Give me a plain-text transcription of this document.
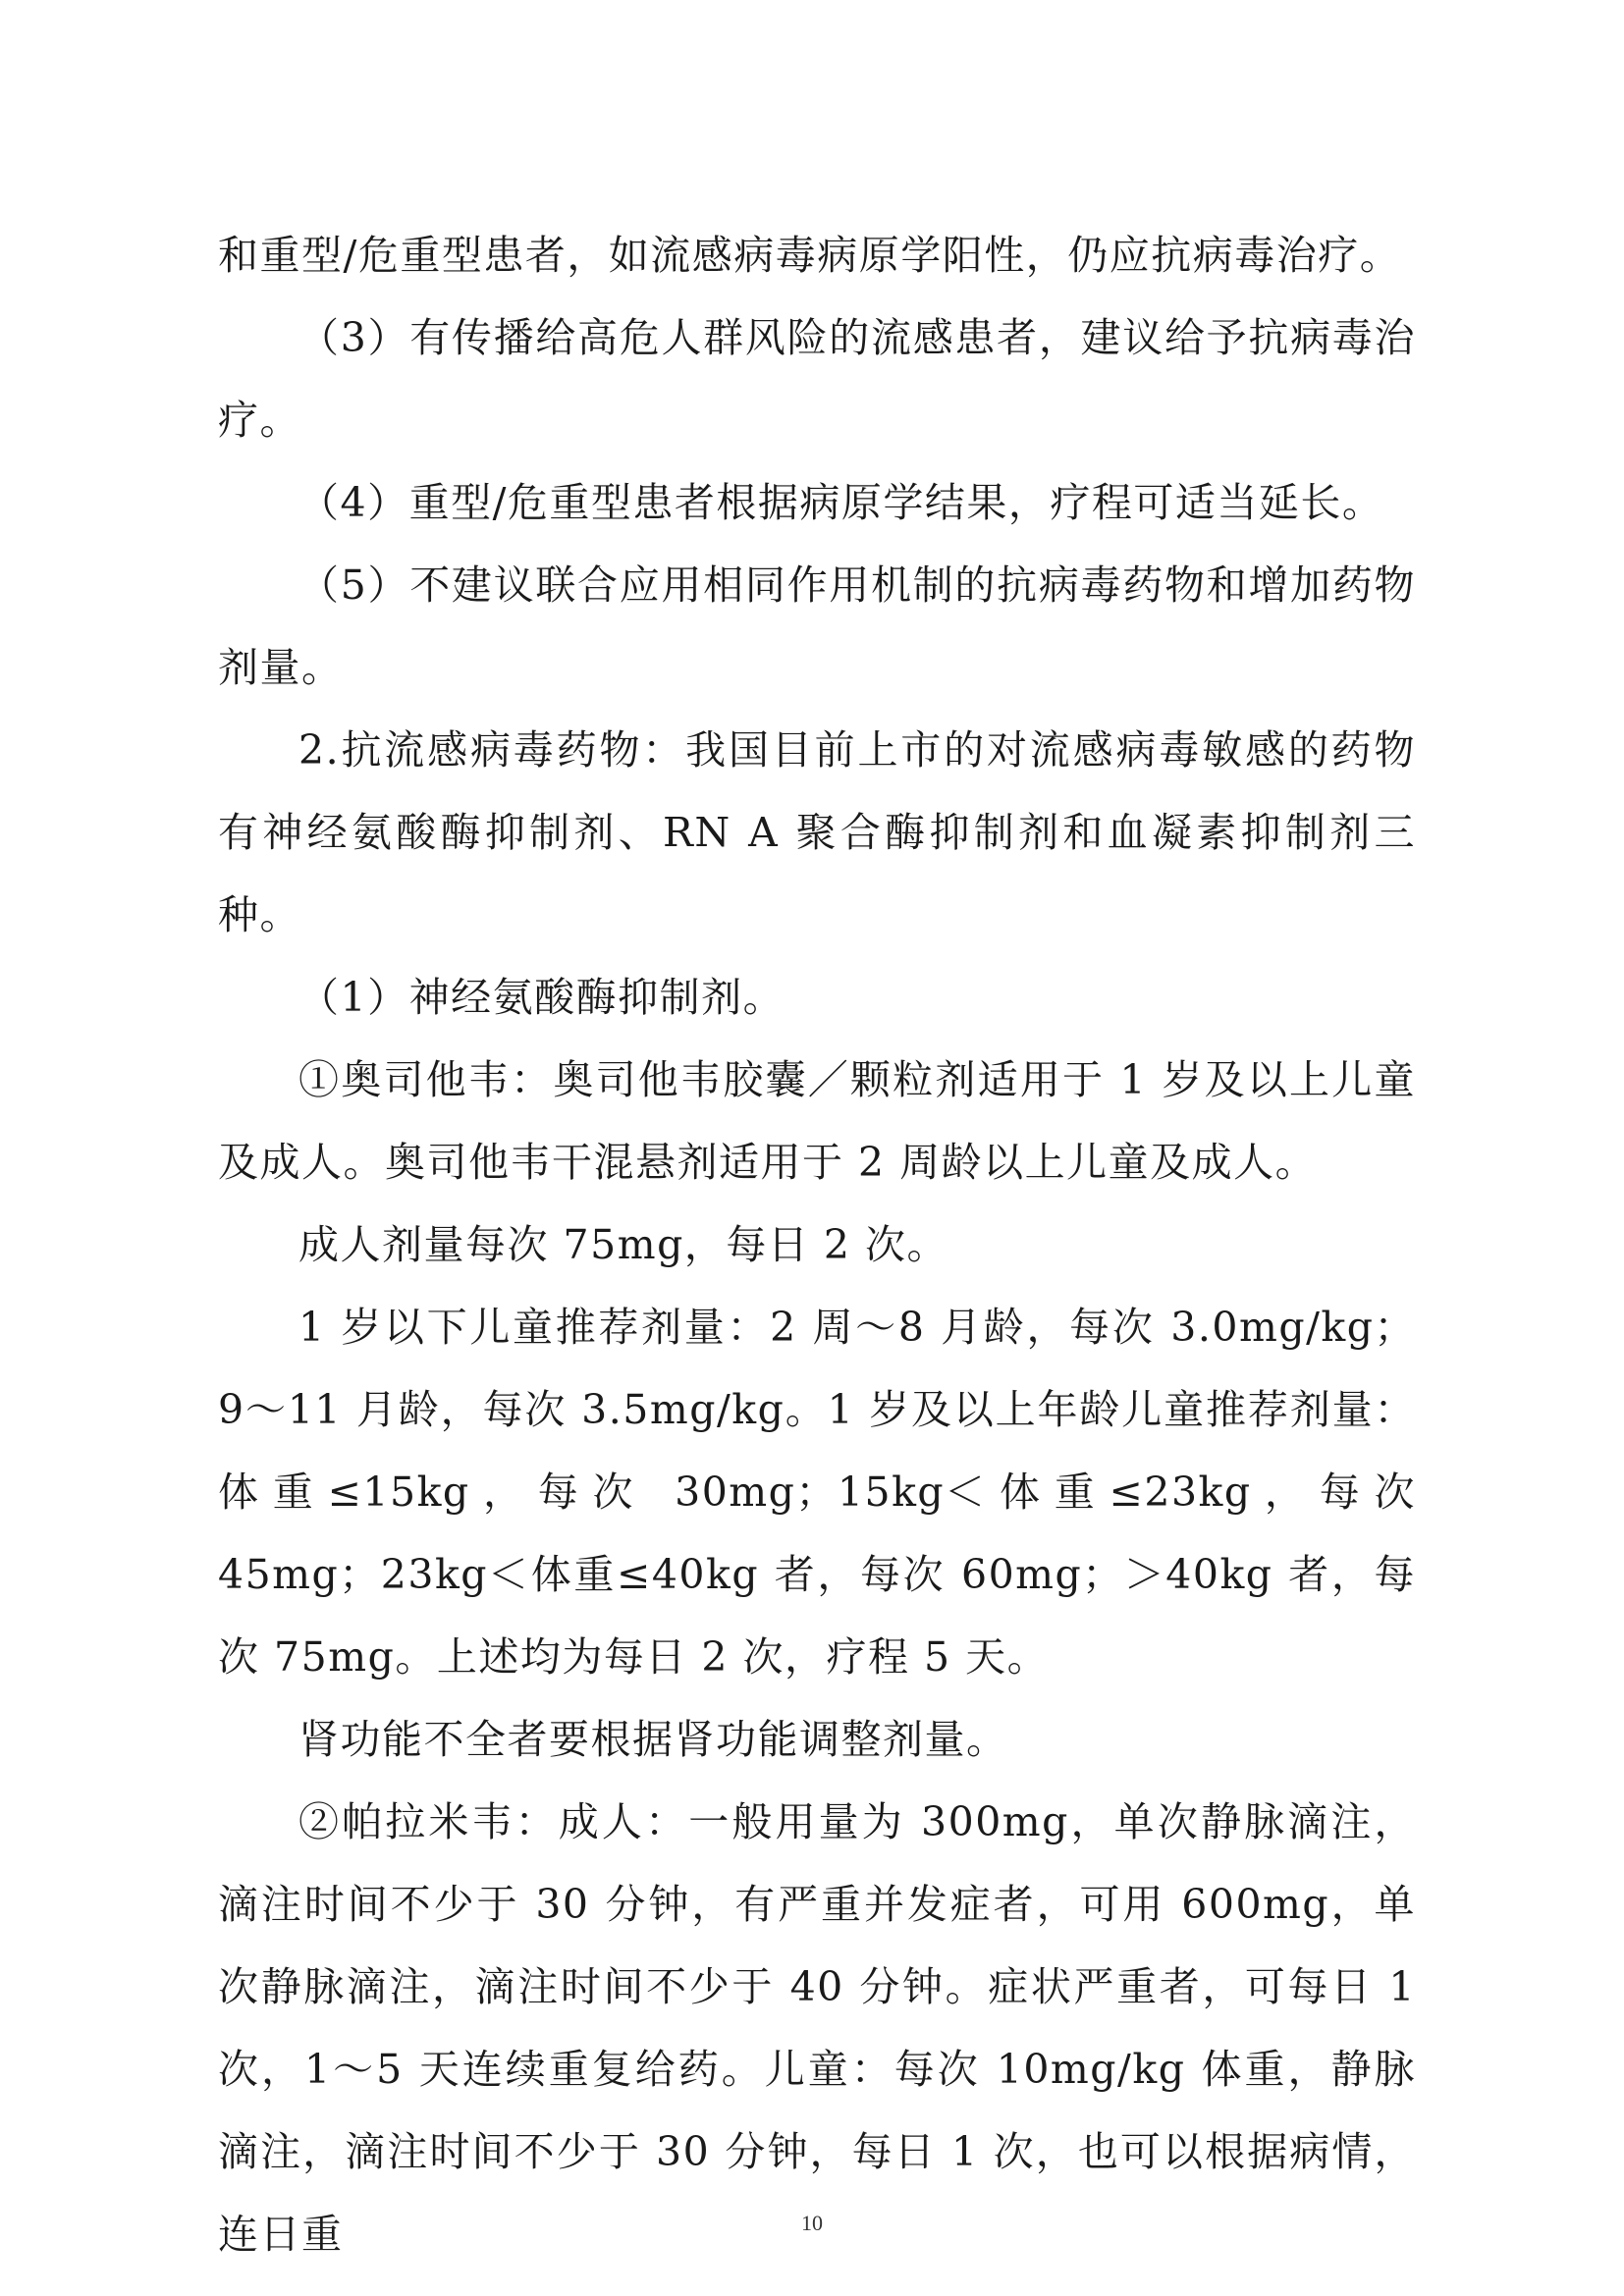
和重型/危重型患者，如流感病毒病原学阳性，仍应抗病毒治疗。

（3）有传播给高危人群风险的流感患者，建议给予抗病毒治疗。

（4）重型/危重型患者根据病原学结果，疗程可适当延长。

（5）不建议联合应用相同作用机制的抗病毒药物和增加药物剂量。

2.抗流感病毒药物：我国目前上市的对流感病毒敏感的药物有神经氨酸酶抑制剂、RN A 聚合酶抑制剂和血凝素抑制剂三种。

（1）神经氨酸酶抑制剂。

①奥司他韦：奥司他韦胶囊／颗粒剂适用于 1 岁及以上儿童及成人。奥司他韦干混悬剂适用于 2 周龄以上儿童及成人。

成人剂量每次 75mg，每日 2 次。

1 岁以下儿童推荐剂量：2 周～8 月龄，每次 3.0mg/kg；9～11 月龄，每次 3.5mg/kg。1 岁及以上年龄儿童推荐剂量：体重≤15kg，每次 30mg；15kg＜体重≤23kg，每次 45mg；23kg＜体重≤40kg 者，每次 60mg；＞40kg 者，每次 75mg。上述均为每日 2 次，疗程 5 天。

肾功能不全者要根据肾功能调整剂量。

②帕拉米韦：成人：一般用量为 300mg，单次静脉滴注，滴注时间不少于 30 分钟，有严重并发症者，可用 600mg，单次静脉滴注，滴注时间不少于 40 分钟。症状严重者，可每日 1 次，1～5 天连续重复给药。儿童：每次 10mg/kg 体重，静脉滴注，滴注时间不少于 30 分钟，每日 1 次，也可以根据病情，连日重	10
